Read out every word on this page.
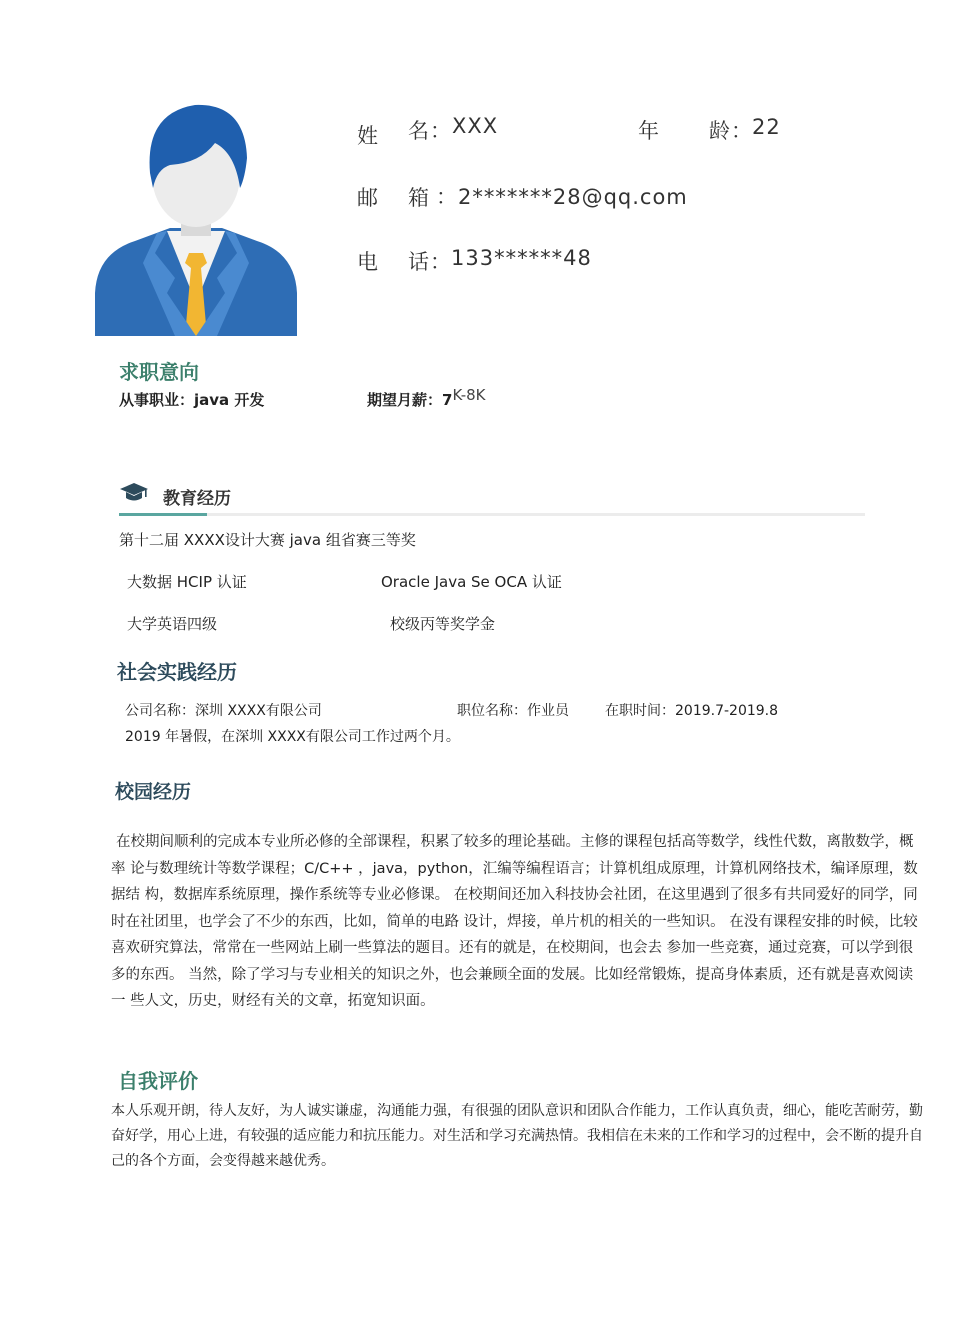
姓 名： XXX	年 龄： 22
邮 箱 ：2*******28@qq.com
电 话： 133******48
求职意向
从事职业：java 开发	期望月薪：7K-8K
教育经历
第十二届 XXXX设计大赛 java 组省赛三等奖
大数据 HCIP 认证	Oracle Java Se OCA 认证
大学英语四级	校级丙等奖学金
社会实践经历
公司名称：深圳 XXXX有限公司	职位名称：作业员	在职时间：2019.7-2019.8
2019 年暑假，在深圳 XXXX有限公司工作过两个月。
校园经历
在校期间顺利的完成本专业所必修的全部课程，积累了较多的理论基础。主修的课程包括高等数学，线性代数，离散数学，概率 论与数理统计等数学课程；C/C++ ，java，python，汇编等编程语言；计算机组成原理，计算机网络技术，编译原理，数据结 构，数据库系统原理，操作系统等专业必修课。 在校期间还加入科技协会社团，在这里遇到了很多有共同爱好的同学，同时在社团里，也学会了不少的东西，比如，简单的电路 设计，焊接，单片机的相关的一些知识。 在没有课程安排的时候，比较喜欢研究算法，常常在一些网站上刷一些算法的题目。还有的就是，在校期间，也会去 参加一些竞赛，通过竞赛，可以学到很多的东西。 当然，除了学习与专业相关的知识之外，也会兼顾全面的发展。比如经常锻炼，提高身体素质，还有就是喜欢阅读一 些人文，历史，财经有关的文章，拓宽知识面。
自我评价
本人乐观开朗，待人友好，为人诚实谦虚，沟通能力强，有很强的团队意识和团队合作能力，工作认真负责，细心，能吃苦耐劳，勤奋好学，用心上进，有较强的适应能力和抗压能力。对生活和学习充满热情。我相信在未来的工作和学习的过程中，会不断的提升自己的各个方面，会变得越来越优秀。
